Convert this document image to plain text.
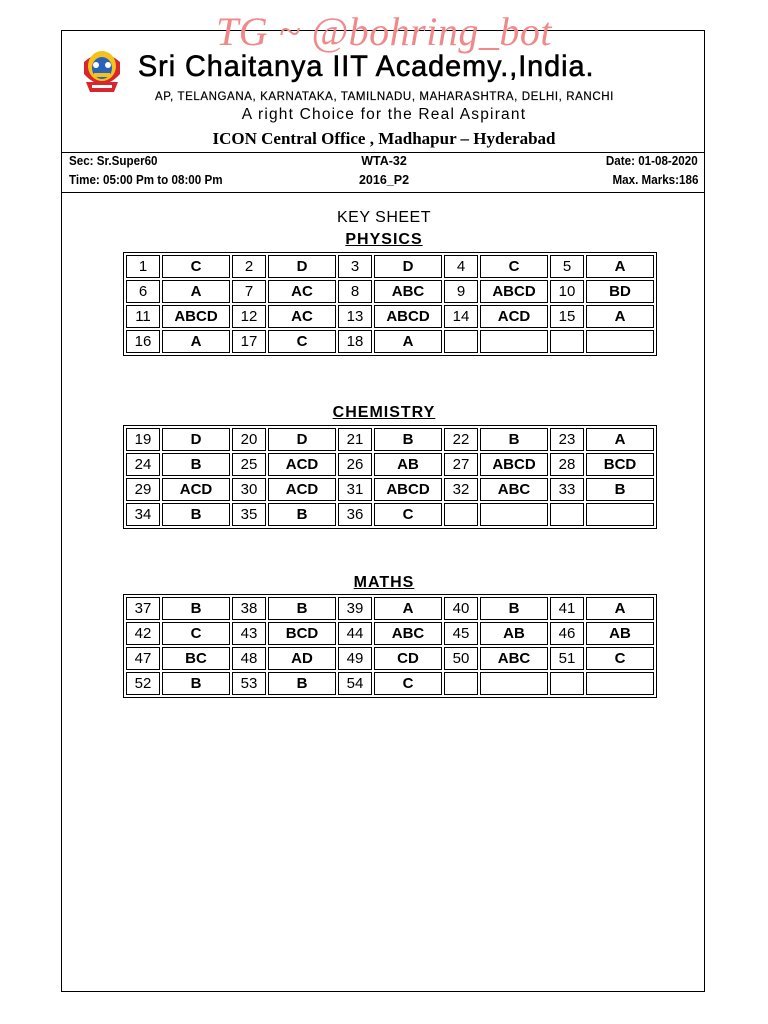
TG ~ @bohring_bot
Sri Chaitanya IIT Academy.,India.
AP, TELANGANA, KARNATAKA, TAMILNADU, MAHARASHTRA, DELHI, RANCHI
A right Choice for the Real Aspirant
ICON Central Office , Madhapur – Hyderabad
Sec: Sr.Super60	WTA-32	Date: 01-08-2020
Time: 05:00 Pm to 08:00 Pm	2016_P2	Max. Marks:186
KEY SHEET
PHYSICS
1	C	2	D	3	D	4	C	5	A
6	A	7	AC	8	ABC	9	ABCD	10	BD
11	ABCD	12	AC	13	ABCD	14	ACD	15	A
16	A	17	C	18	A				
CHEMISTRY
19	D	20	D	21	B	22	B	23	A
24	B	25	ACD	26	AB	27	ABCD	28	BCD
29	ACD	30	ACD	31	ABCD	32	ABC	33	B
34	B	35	B	36	C				
MATHS
37	B	38	B	39	A	40	B	41	A
42	C	43	BCD	44	ABC	45	AB	46	AB
47	BC	48	AD	49	CD	50	ABC	51	C
52	B	53	B	54	C				
